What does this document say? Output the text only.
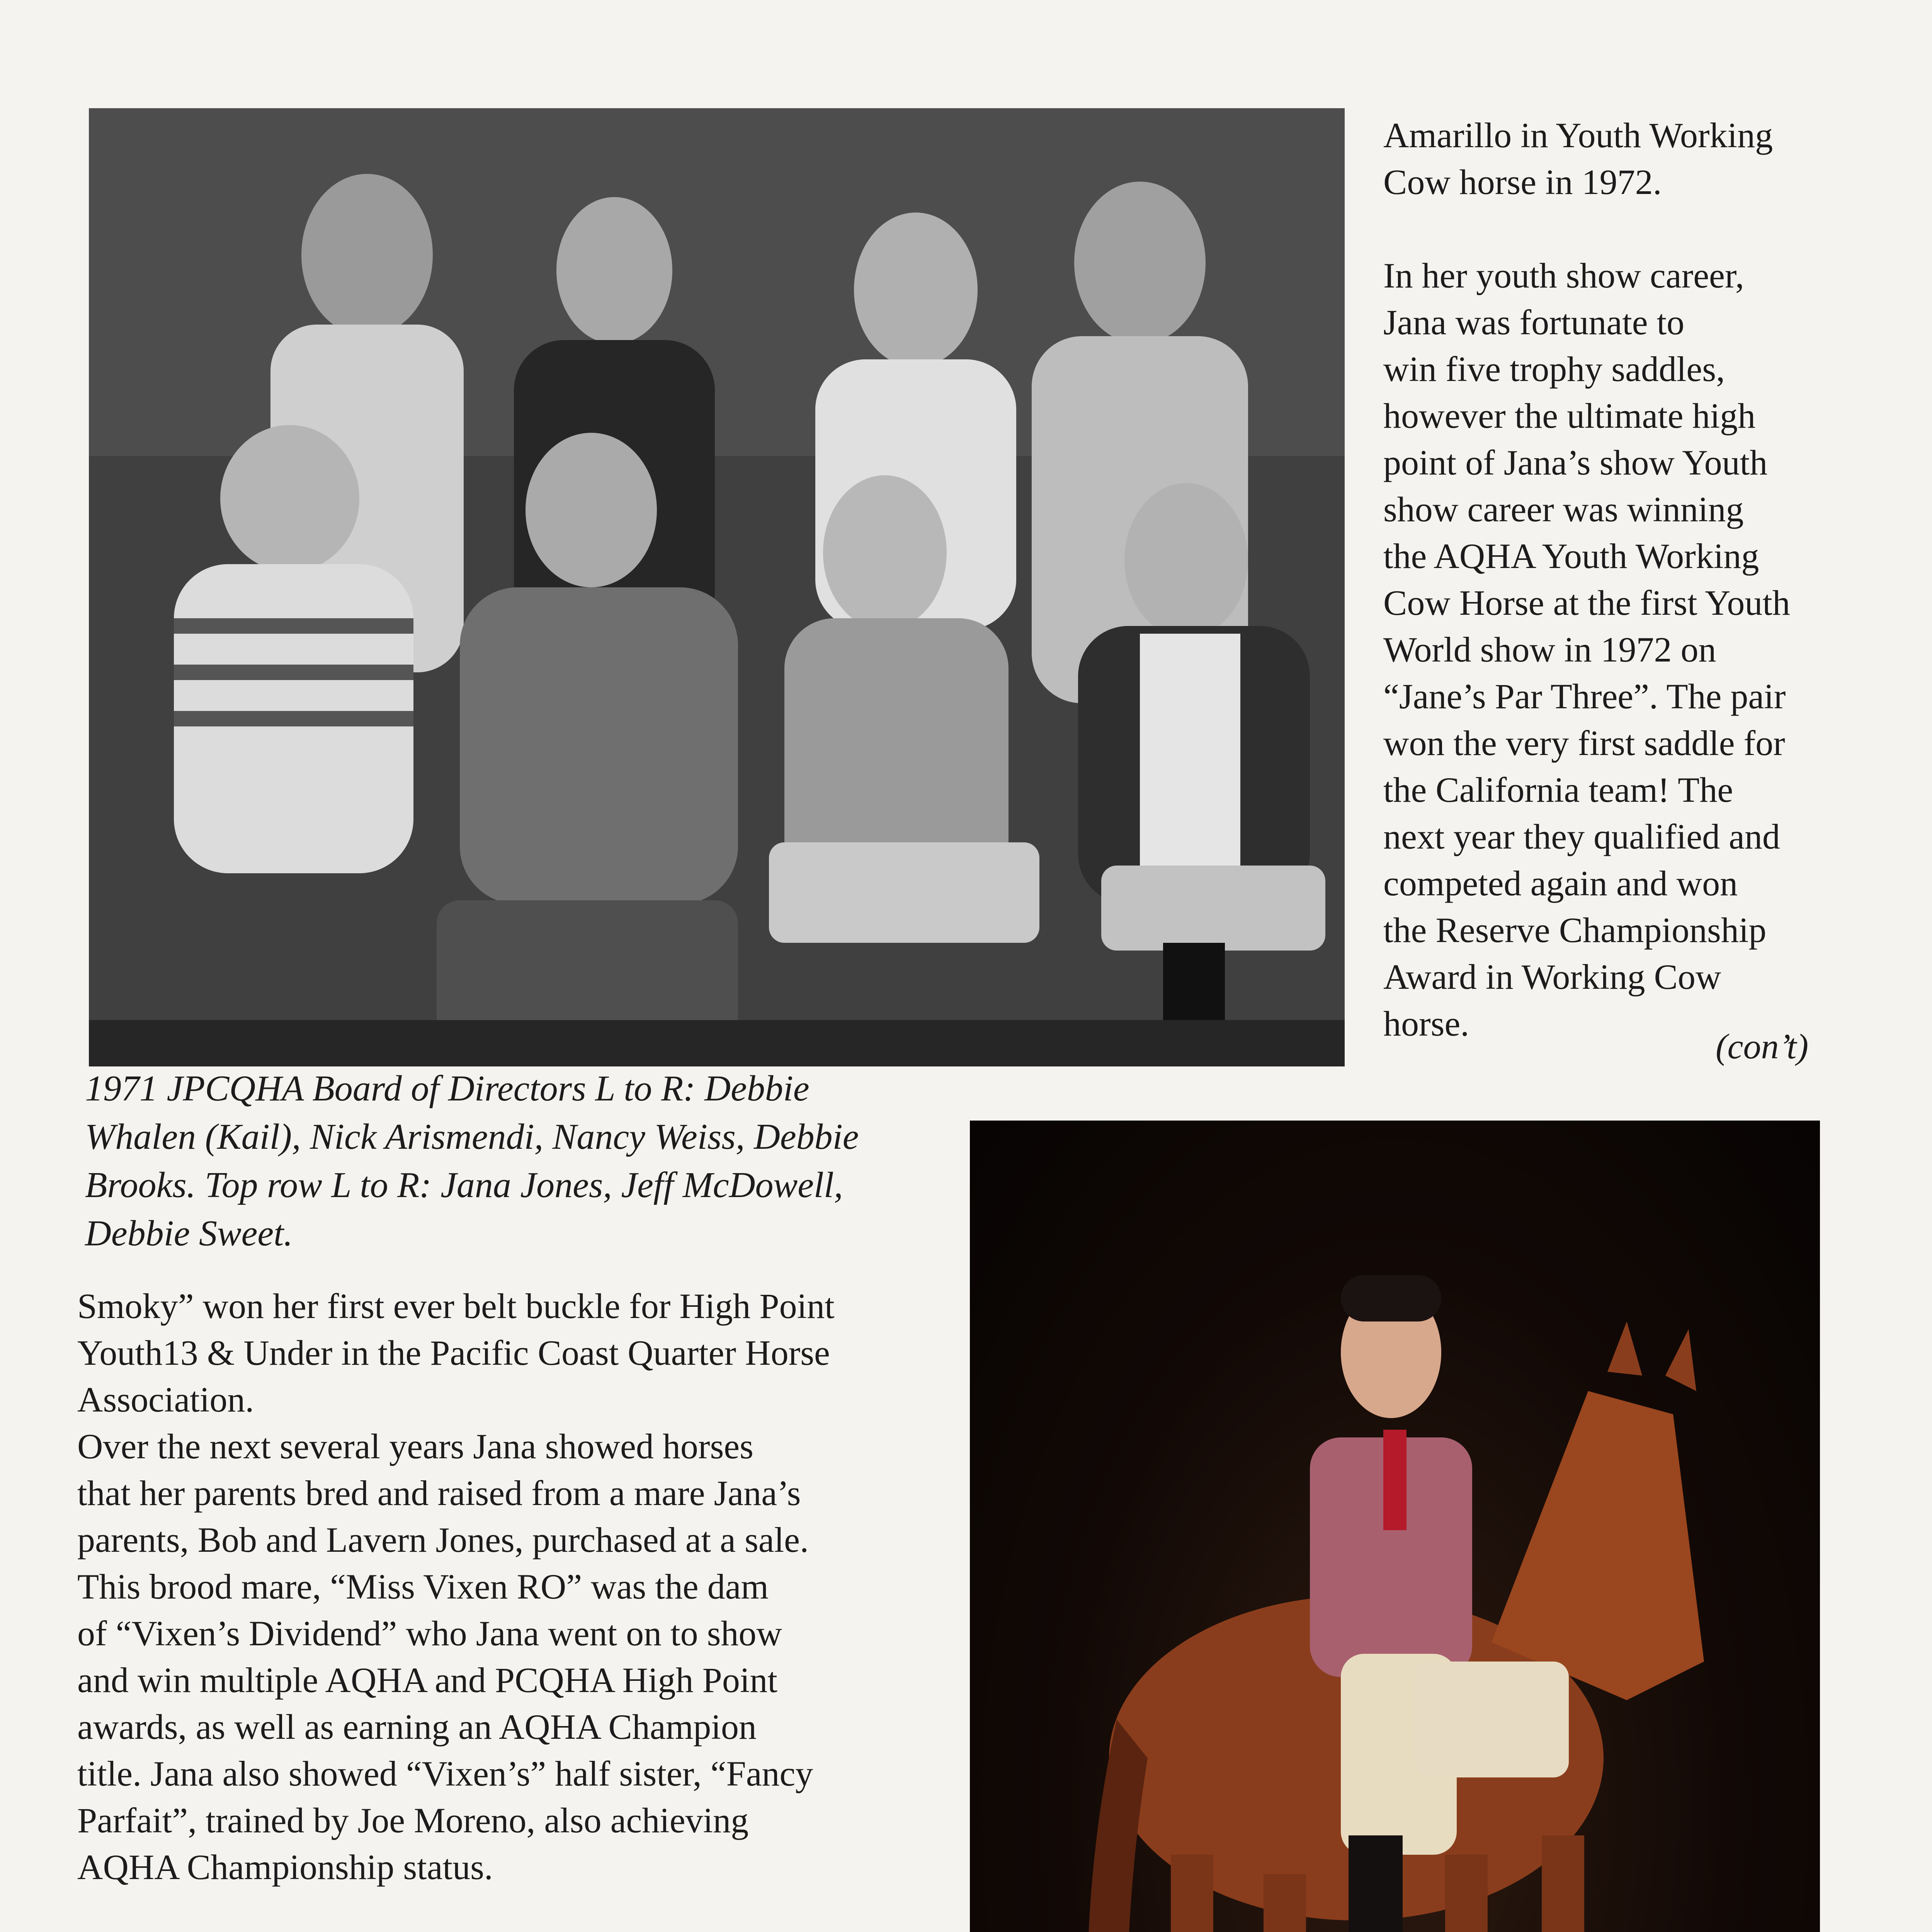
Amarillo in Youth Working
Cow horse in 1972.
In her youth show career,
Jana was fortunate to
win five trophy saddles,
however the ultimate high
point of Jana’s show Youth
show career was winning
the AQHA Youth Working
Cow Horse at the first Youth
World show in 1972 on
“Jane’s Par Three”. The pair
won the very first saddle for
the California team! The
next year they qualified and
competed again and won
the Reserve Championship
Award in Working Cow
horse.
(con’t)
1971 JPCQHA Board of Directors L to R: Debbie
Whalen (Kail), Nick Arismendi, Nancy Weiss, Debbie
Brooks. Top row L to R: Jana Jones, Jeff McDowell,
Debbie Sweet.
Smoky” won her first ever belt buckle for High Point
Youth13 & Under in the Pacific Coast Quarter Horse
Association.
Over the next several years Jana showed horses
that her parents bred and raised from a mare Jana’s
parents, Bob and Lavern Jones, purchased at a sale.
This brood mare, “Miss Vixen RO” was the dam
of “Vixen’s Dividend” who Jana went on to show
and win multiple AQHA and PCQHA High Point
awards, as well as earning an AQHA Champion
title. Jana also showed “Vixen’s” half sister, “Fancy
Parfait”, trained by Joe Moreno, also achieving
AQHA Championship status.
